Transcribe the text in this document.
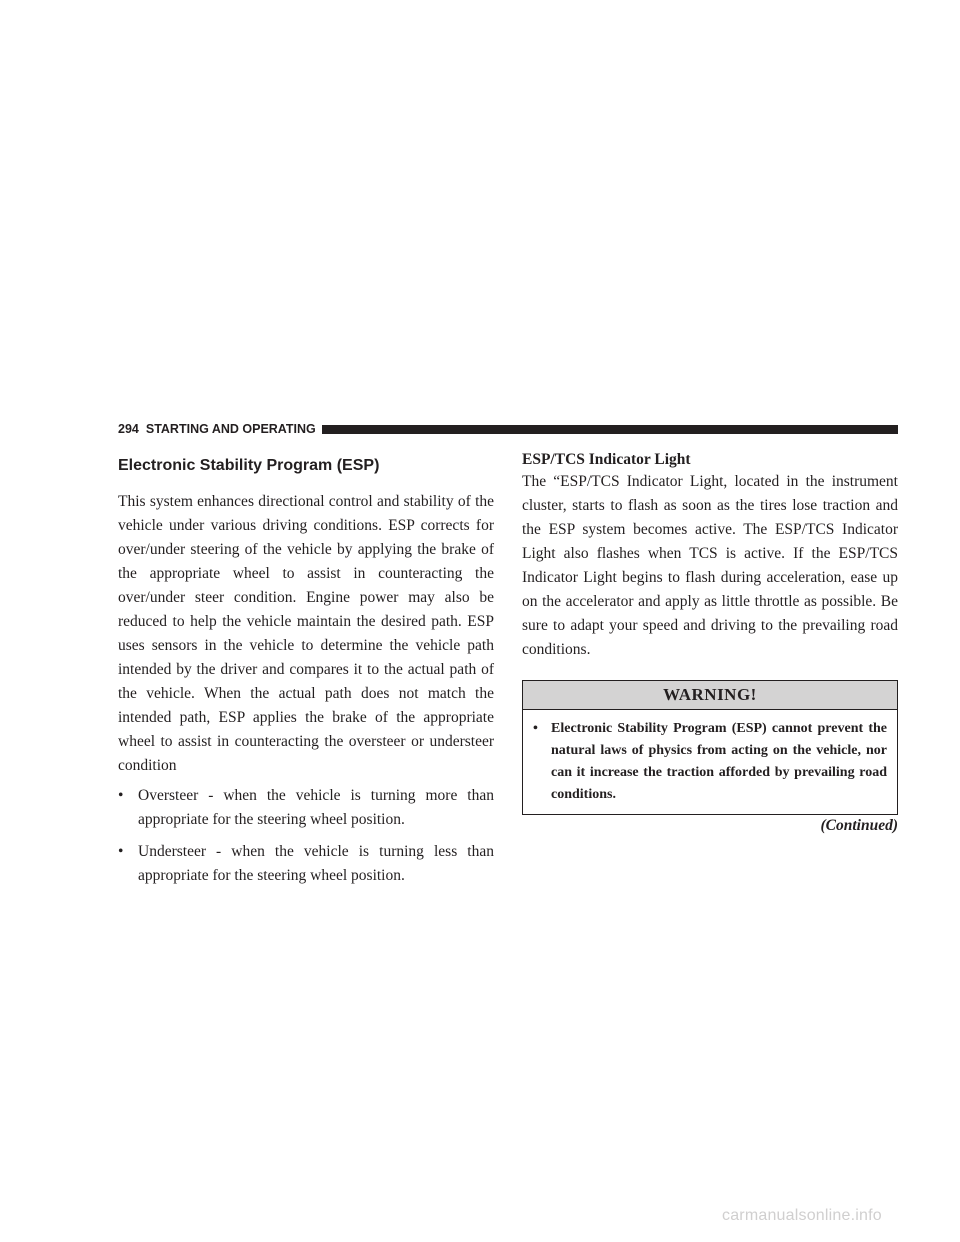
294 STARTING AND OPERATING
Electronic Stability Program (ESP)

This system enhances directional control and stability of the vehicle under various driving conditions. ESP corrects for over/under steering of the vehicle by applying the brake of the appropriate wheel to assist in counteracting the over/under steer condition. Engine power may also be reduced to help the vehicle maintain the desired path. ESP uses sensors in the vehicle to determine the vehicle path intended by the driver and compares it to the actual path of the vehicle. When the actual path does not match the intended path, ESP applies the brake of the appropriate wheel to assist in counteracting the oversteer or understeer condition

• Oversteer - when the vehicle is turning more than appropriate for the steering wheel position.
• Understeer - when the vehicle is turning less than appropriate for the steering wheel position.
ESP/TCS Indicator Light

The “ESP/TCS Indicator Light, located in the instrument cluster, starts to flash as soon as the tires lose traction and the ESP system becomes active. The ESP/TCS Indicator Light also flashes when TCS is active. If the ESP/TCS Indicator Light begins to flash during acceleration, ease up on the accelerator and apply as little throttle as possible. Be sure to adapt your speed and driving to the prevailing road conditions.

WARNING!
• Electronic Stability Program (ESP) cannot prevent the natural laws of physics from acting on the vehicle, nor can it increase the traction afforded by prevailing road conditions.
(Continued)
carmanualsonline.info
